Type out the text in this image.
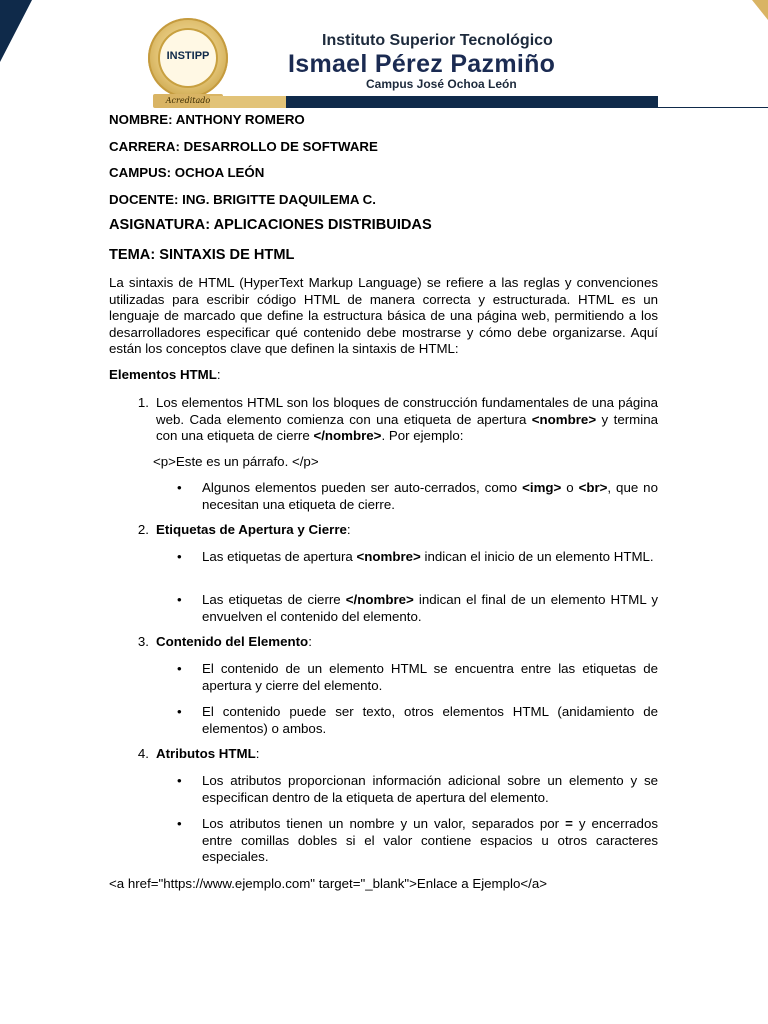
INSTIPP
Acreditado
Instituto Superior Tecnológico
Ismael Pérez Pazmiño
Campus José Ochoa León

NOMBRE: ANTHONY ROMERO

CARRERA: DESARROLLO DE SOFTWARE

CAMPUS: OCHOA LEÓN

DOCENTE: ING. BRIGITTE DAQUILEMA C.

ASIGNATURA: APLICACIONES DISTRIBUIDAS

TEMA: SINTAXIS DE HTML

La sintaxis de HTML (HyperText Markup Language) se refiere a las reglas y convenciones utilizadas para escribir código HTML de manera correcta y estructurada. HTML es un lenguaje de marcado que define la estructura básica de una página web, permitiendo a los desarrolladores especificar qué contenido debe mostrarse y cómo debe organizarse. Aquí están los conceptos clave que definen la sintaxis de HTML:

Elementos HTML:

1. Los elementos HTML son los bloques de construcción fundamentales de una página web. Cada elemento comienza con una etiqueta de apertura <nombre> y termina con una etiqueta de cierre </nombre>. Por ejemplo:

<p>Este es un párrafo. </p>

•

Algunos elementos pueden ser auto-cerrados, como <img> o <br>, que no necesitan una etiqueta de cierre.

2. Etiquetas de Apertura y Cierre:

•

Las etiquetas de apertura <nombre> indican el inicio de un elemento HTML.

•

Las etiquetas de cierre </nombre> indican el final de un elemento HTML y envuelven el contenido del elemento.

3. Contenido del Elemento:

•

El contenido de un elemento HTML se encuentra entre las etiquetas de apertura y cierre del elemento.

•

El contenido puede ser texto, otros elementos HTML (anidamiento de elementos) o ambos.

4. Atributos HTML:

•

Los atributos proporcionan información adicional sobre un elemento y se especifican dentro de la etiqueta de apertura del elemento.

•

Los atributos tienen un nombre y un valor, separados por = y encerrados entre comillas dobles si el valor contiene espacios u otros caracteres especiales.

<a href="https://www.ejemplo.com" target="_blank">Enlace a Ejemplo</a>
